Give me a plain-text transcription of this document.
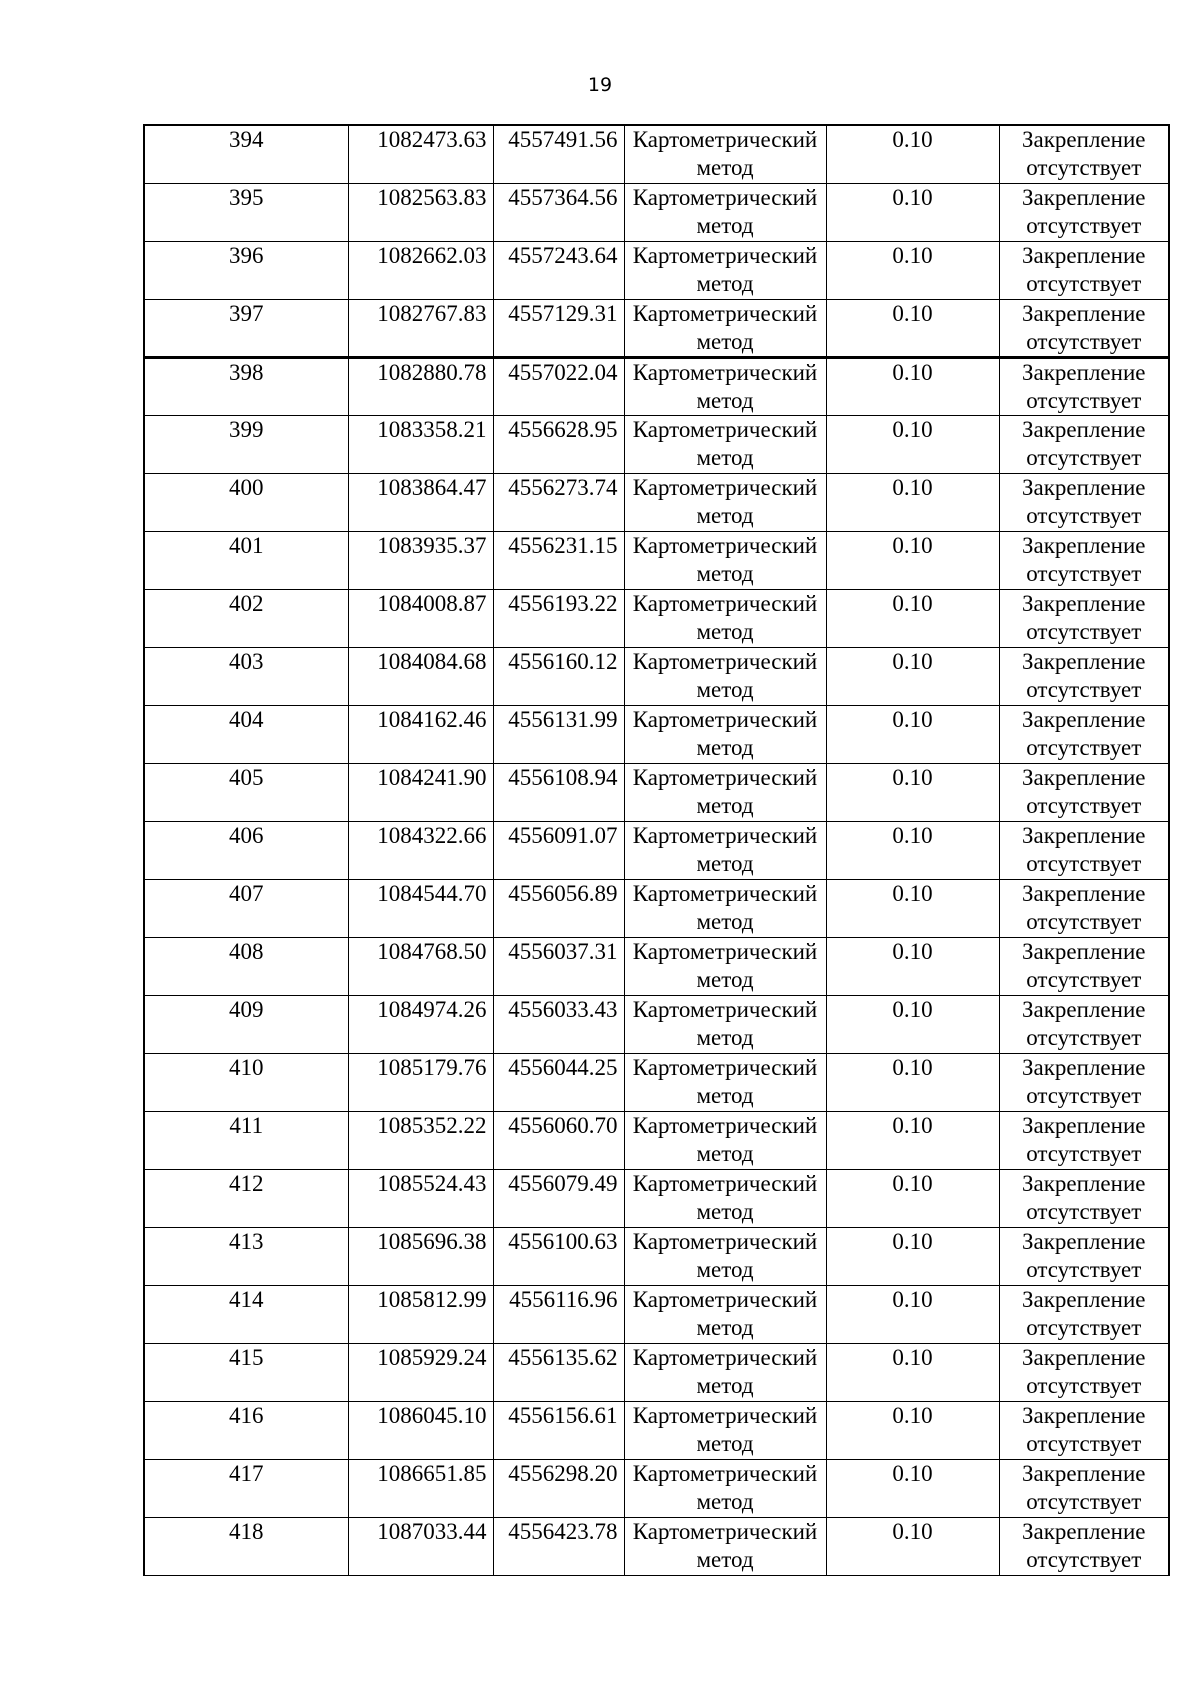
19
394	1082473.63	4557491.56	Картометрический
метод	0.10	Закрепление
отсутствует

395	1082563.83	4557364.56	Картометрический
метод	0.10	Закрепление
отсутствует

396	1082662.03	4557243.64	Картометрический
метод	0.10	Закрепление
отсутствует

397	1082767.83	4557129.31	Картометрический
метод	0.10	Закрепление
отсутствует

398	1082880.78	4557022.04	Картометрический
метод	0.10	Закрепление
отсутствует

399	1083358.21	4556628.95	Картометрический
метод	0.10	Закрепление
отсутствует

400	1083864.47	4556273.74	Картометрический
метод	0.10	Закрепление
отсутствует

401	1083935.37	4556231.15	Картометрический
метод	0.10	Закрепление
отсутствует

402	1084008.87	4556193.22	Картометрический
метод	0.10	Закрепление
отсутствует

403	1084084.68	4556160.12	Картометрический
метод	0.10	Закрепление
отсутствует

404	1084162.46	4556131.99	Картометрический
метод	0.10	Закрепление
отсутствует

405	1084241.90	4556108.94	Картометрический
метод	0.10	Закрепление
отсутствует

406	1084322.66	4556091.07	Картометрический
метод	0.10	Закрепление
отсутствует

407	1084544.70	4556056.89	Картометрический
метод	0.10	Закрепление
отсутствует

408	1084768.50	4556037.31	Картометрический
метод	0.10	Закрепление
отсутствует

409	1084974.26	4556033.43	Картометрический
метод	0.10	Закрепление
отсутствует

410	1085179.76	4556044.25	Картометрический
метод	0.10	Закрепление
отсутствует

411	1085352.22	4556060.70	Картометрический
метод	0.10	Закрепление
отсутствует

412	1085524.43	4556079.49	Картометрический
метод	0.10	Закрепление
отсутствует

413	1085696.38	4556100.63	Картометрический
метод	0.10	Закрепление
отсутствует

414	1085812.99	4556116.96	Картометрический
метод	0.10	Закрепление
отсутствует

415	1085929.24	4556135.62	Картометрический
метод	0.10	Закрепление
отсутствует

416	1086045.10	4556156.61	Картометрический
метод	0.10	Закрепление
отсутствует

417	1086651.85	4556298.20	Картометрический
метод	0.10	Закрепление
отсутствует

418	1087033.44	4556423.78	Картометрический
метод	0.10	Закрепление
отсутствует
